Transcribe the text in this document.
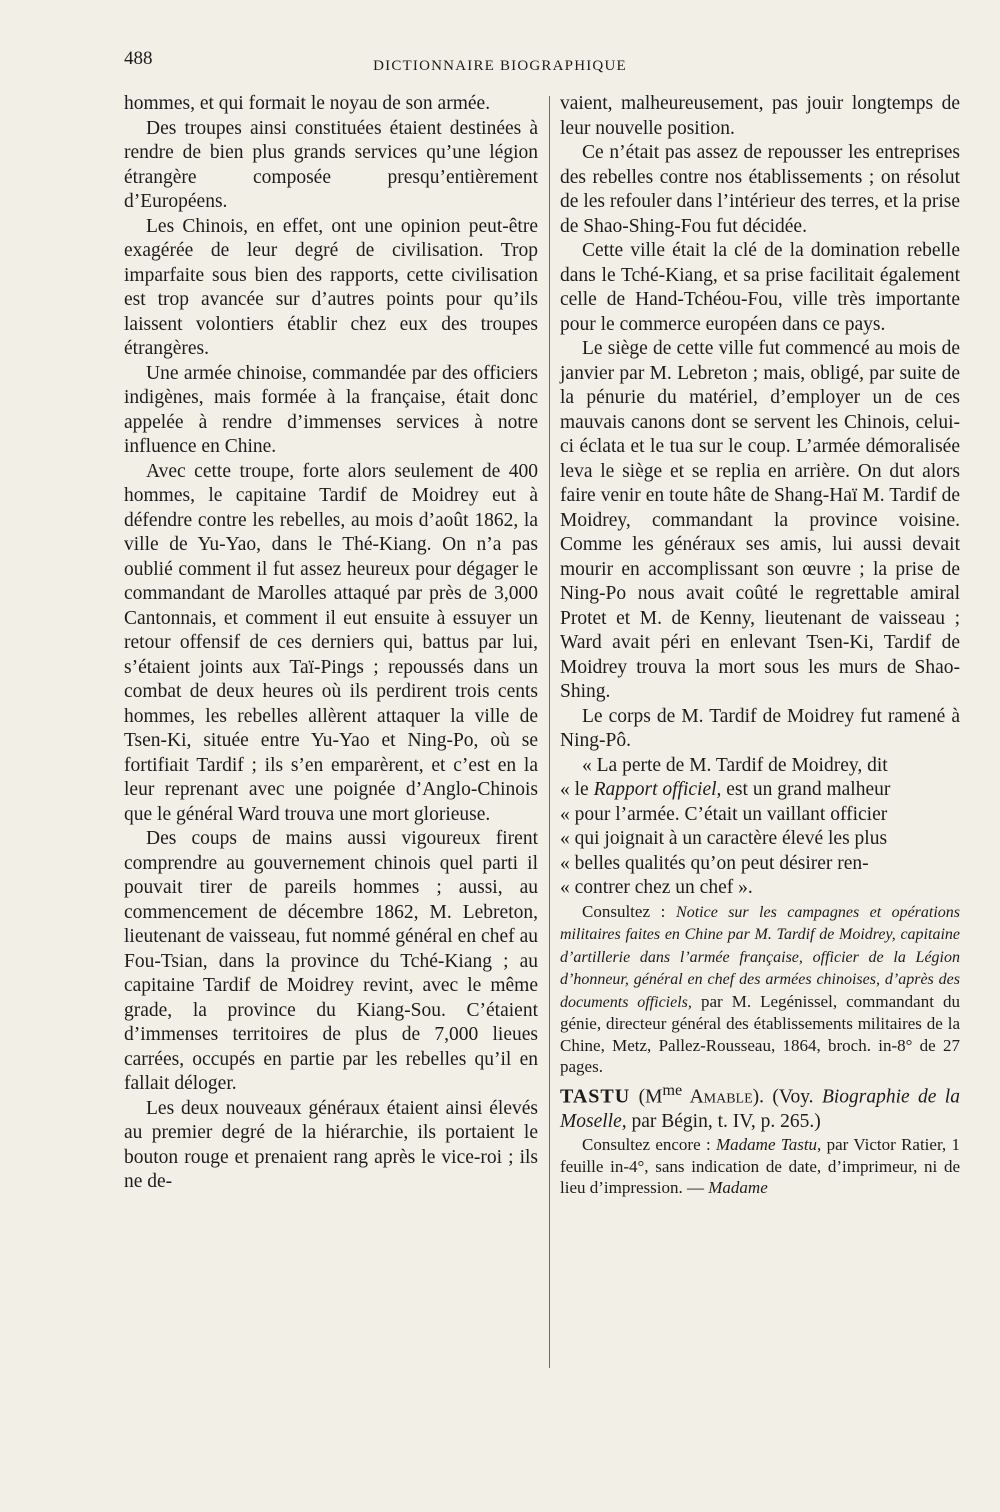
488	DICTIONNAIRE BIOGRAPHIQUE

hommes, et qui formait le noyau de son armée.

Des troupes ainsi constituées étaient destinées à rendre de bien plus grands services qu’une légion étrangère composée presqu’entièrement d’Européens.

Les Chinois, en effet, ont une opinion peut-être exagérée de leur degré de civilisation. Trop imparfaite sous bien des rapports, cette civilisation est trop avancée sur d’autres points pour qu’ils laissent volontiers établir chez eux des troupes étrangères.

Une armée chinoise, commandée par des officiers indigènes, mais formée à la française, était donc appelée à rendre d’immenses services à notre influence en Chine.

Avec cette troupe, forte alors seulement de 400 hommes, le capitaine Tardif de Moidrey eut à défendre contre les rebelles, au mois d’août 1862, la ville de Yu-Yao, dans le Thé-Kiang. On n’a pas oublié comment il fut assez heureux pour dégager le commandant de Marolles attaqué par près de 3,000 Cantonnais, et comment il eut ensuite à essuyer un retour offensif de ces derniers qui, battus par lui, s’étaient joints aux Taï-Pings ; repoussés dans un combat de deux heures où ils perdirent trois cents hommes, les rebelles allèrent attaquer la ville de Tsen-Ki, située entre Yu-Yao et Ning-Po, où se fortifiait Tardif ; ils s’en emparèrent, et c’est en la leur reprenant avec une poignée d’Anglo-Chinois que le général Ward trouva une mort glorieuse.

Des coups de mains aussi vigoureux firent comprendre au gouvernement chinois quel parti il pouvait tirer de pareils hommes ; aussi, au commencement de décembre 1862, M. Lebreton, lieutenant de vaisseau, fut nommé général en chef au Fou-Tsian, dans la province du Tché-Kiang ; au capitaine Tardif de Moidrey revint, avec le même grade, la province du Kiang-Sou. C’étaient d’immenses territoires de plus de 7,000 lieues carrées, occupés en partie par les rebelles qu’il en fallait déloger.

Les deux nouveaux généraux étaient ainsi élevés au premier degré de la hiérarchie, ils portaient le bouton rouge et prenaient rang après le vice-roi ; ils ne de-

vaient, malheureusement, pas jouir longtemps de leur nouvelle position.

Ce n’était pas assez de repousser les entreprises des rebelles contre nos établissements ; on résolut de les refouler dans l’intérieur des terres, et la prise de Shao-Shing-Fou fut décidée.

Cette ville était la clé de la domination rebelle dans le Tché-Kiang, et sa prise facilitait également celle de Hand-Tchéou-Fou, ville très importante pour le commerce européen dans ce pays.

Le siège de cette ville fut commencé au mois de janvier par M. Lebreton ; mais, obligé, par suite de la pénurie du matériel, d’employer un de ces mauvais canons dont se servent les Chinois, celui-ci éclata et le tua sur le coup. L’armée démoralisée leva le siège et se replia en arrière. On dut alors faire venir en toute hâte de Shang-Haï M. Tardif de Moidrey, commandant la province voisine. Comme les généraux ses amis, lui aussi devait mourir en accomplissant son œuvre ; la prise de Ning-Po nous avait coûté le regrettable amiral Protet et M. de Kenny, lieutenant de vaisseau ; Ward avait péri en enlevant Tsen-Ki, Tardif de Moidrey trouva la mort sous les murs de Shao-Shing.

Le corps de M. Tardif de Moidrey fut ramené à Ning-Pô.

« La perte de M. Tardif de Moidrey, dit

« le Rapport officiel, est un grand malheur

« pour l’armée. C’était un vaillant officier

« qui joignait à un caractère élevé les plus

« belles qualités qu’on peut désirer ren-

« contrer chez un chef ».

Consultez : Notice sur les campagnes et opérations militaires faites en Chine par M. Tardif de Moidrey, capitaine d’artillerie dans l’armée française, officier de la Légion d’honneur, général en chef des armées chinoises, d’après des documents officiels, par M. Legénissel, commandant du génie, directeur général des établissements militaires de la Chine, Metz, Pallez-Rousseau, 1864, broch. in-8° de 27 pages.

TASTU ($M^{me}$ Amable). (Voy. Biographie de la Moselle, par Bégin, t. IV, p. 265.)

Consultez encore : Madame Tastu, par Victor Ratier, 1 feuille in-4°, sans indication de date, d’imprimeur, ni de lieu d’impression. — Madame
